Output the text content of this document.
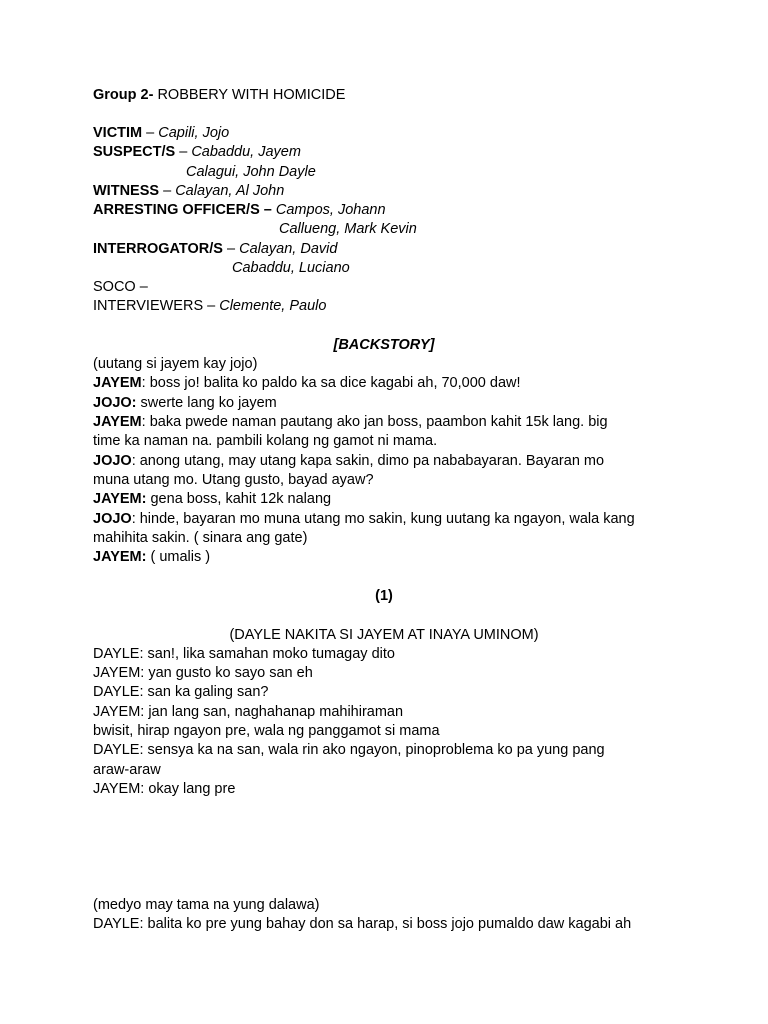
Group 2- ROBBERY WITH HOMICIDE
VICTIM – Capili, Jojo
SUSPECT/S – Cabaddu, Jayem
Calagui, John Dayle
WITNESS – Calayan, Al John
ARRESTING OFFICER/S – Campos, Johann
Callueng, Mark Kevin
INTERROGATOR/S – Calayan, David
Cabaddu, Luciano
SOCO –
INTERVIEWERS – Clemente, Paulo
[BACKSTORY]
(uutang si jayem kay jojo)
JAYEM: boss jo! balita ko paldo ka sa dice kagabi ah, 70,000 daw!
JOJO: swerte lang ko jayem
JAYEM: baka pwede naman pautang ako jan boss, paambon kahit 15k lang. big
time ka naman na. pambili kolang ng gamot ni mama.
JOJO: anong utang, may utang kapa sakin, dimo pa nababayaran. Bayaran mo
muna utang mo. Utang gusto, bayad ayaw?
JAYEM: gena boss, kahit 12k nalang
JOJO: hinde, bayaran mo muna utang mo sakin, kung uutang ka ngayon, wala kang
mahihita sakin. ( sinara ang gate)
JAYEM: ( umalis )
(1)
(DAYLE NAKITA SI JAYEM AT INAYA UMINOM)
DAYLE: san!, lika samahan moko tumagay dito
JAYEM: yan gusto ko sayo san eh
DAYLE: san ka galing san?
JAYEM: jan lang san, naghahanap mahihiraman
bwisit, hirap ngayon pre, wala ng panggamot si mama
DAYLE: sensya ka na san, wala rin ako ngayon, pinoproblema ko pa yung pang
araw-araw
JAYEM: okay lang pre
(medyo may tama na yung dalawa)
DAYLE: balita ko pre yung bahay don sa harap, si boss jojo pumaldo daw kagabi ah
